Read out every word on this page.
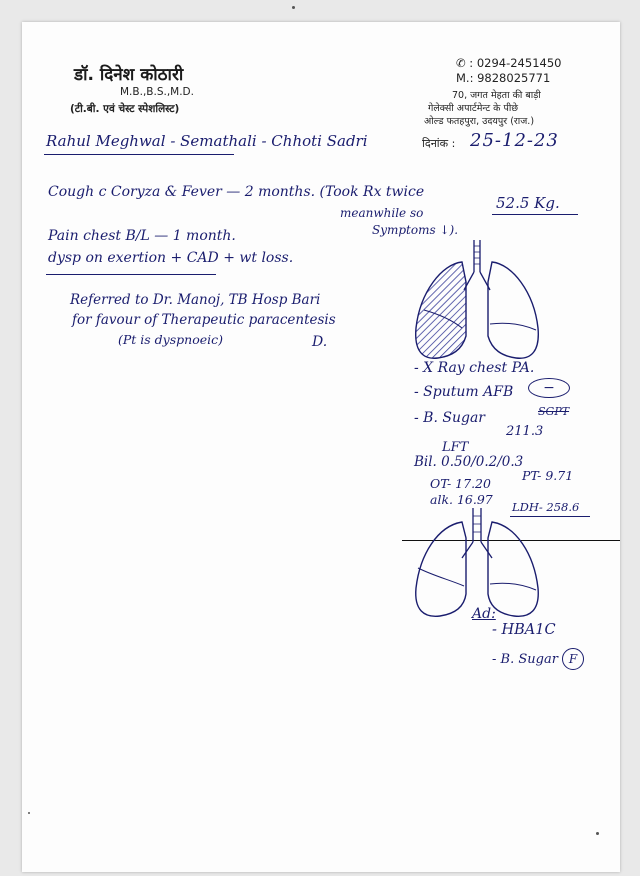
डॉ. दिनेश कोठारी
M.B.,B.S.,M.D.
(टी.बी. एवं चेस्ट स्पेशलिस्ट)
✆ : 0294-2451450
M.: 9828025771
70, जगत मेहता की बाड़ी
गेलेक्सी अपार्टमेन्ट के पीछे
ओल्ड फतहपुरा, उदयपुर (राज.)
दिनांक : 25-12-23
Rahul Meghwal - Semathali - Chhoti Sadri
Cough c Coryza & Fever — 2 months. (Took Rx twice
meanwhile so
52.5 Kg.
Symptoms ↓).
Pain chest B/L — 1 month.
dysp on exertion + CAD + wt loss.
Referred to Dr. Manoj, TB Hosp Bari
for favour of Therapeutic paracentesis
(Pt is dyspnoeic)	D.
- X Ray chest PA.
- Sputum AFB	−
- B. Sugar	SGPT
211.3
LFT
Bil. 0.50/0.2/0.3
OT- 17.20
PT- 9.71
alk. 16.97 LDH- 258.6
Ad:
- HBA1C
- B. Sugar F
